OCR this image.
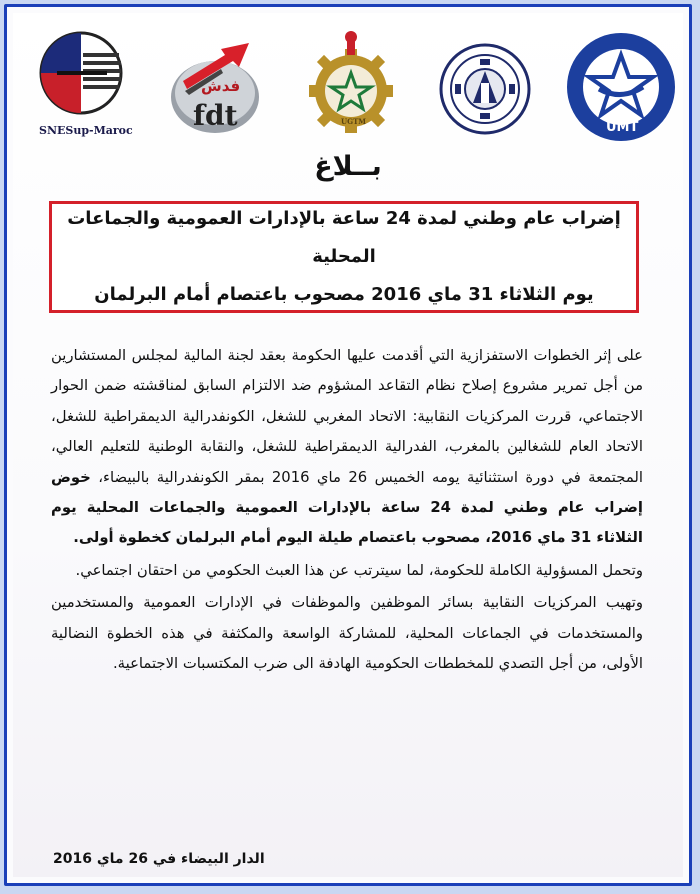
SNESup-Maroc
فدش
fdt	UGTM	UMT
بــلاغ
إضراب عام وطني لمدة 24 ساعة بالإدارات العمومية والجماعات المحلية
يوم الثلاثاء 31 ماي 2016 مصحوب باعتصام أمام البرلمان

على إثر الخطوات الاستفزازية التي أقدمت عليها الحكومة بعقد لجنة المالية لمجلس المستشارين من أجل تمرير مشروع إصلاح نظام التقاعد المشؤوم ضد الالتزام السابق لمناقشته ضمن الحوار الاجتماعي، قررت المركزيات النقابية: الاتحاد المغربي للشغل، الكونفدرالية الديمقراطية للشغل، الاتحاد العام للشغالين بالمغرب، الفدرالية الديمقراطية للشغل، والنقابة الوطنية للتعليم العالي، المجتمعة في دورة استثنائية يومه الخميس 26 ماي 2016 بمقر الكونفدرالية بالبيضاء، خوض إضراب عام وطني لمدة 24 ساعة بالإدارات العمومية والجماعات المحلية يوم الثلاثاء 31 ماي 2016، مصحوب باعتصام طيلة اليوم أمام البرلمان كخطوة أولى.

وتحمل المسؤولية الكاملة للحكومة، لما سيترتب عن هذا العبث الحكومي من احتقان اجتماعي.

وتهيب المركزيات النقابية بسائر الموظفين والموظفات في الإدارات العمومية والمستخدمين والمستخدمات في الجماعات المحلية، للمشاركة الواسعة والمكثفة في هذه الخطوة النضالية الأولى، من أجل التصدي للمخططات الحكومية الهادفة الى ضرب المكتسبات الاجتماعية.

الدار البيضاء في 26 ماي 2016
